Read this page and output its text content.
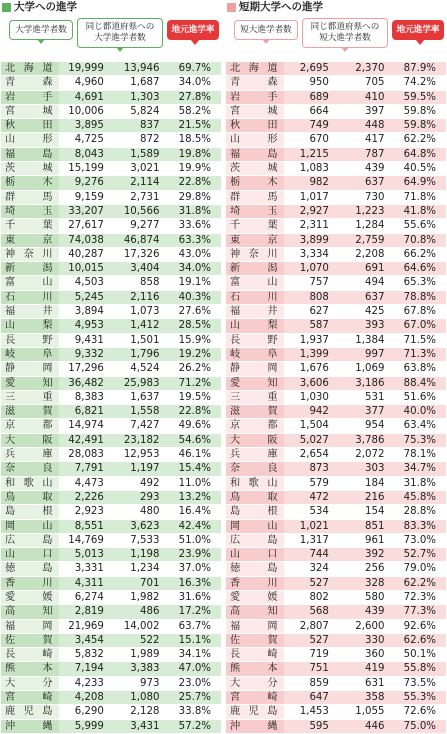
大学への進学
大学進学者数	同じ都道府県への
大学進学者数
地元進学率
北海道	19,999	13,946	69.7%
青森	4,960	1,687	34.0%
岩手	4,691	1,303	27.8%
宮城	10,006	5,824	58.2%
秋田	3,895	837	21.5%
山形	4,725	872	18.5%
福島	8,043	1,589	19.8%
茨城	15,199	3,021	19.9%
栃木	9,276	2,114	22.8%
群馬	9,159	2,731	29.8%
埼玉	33,207	10,566	31.8%
千葉	27,617	9,277	33.6%
東京	74,038	46,874	63.3%
神奈川	40,287	17,326	43.0%
新潟	10,015	3,404	34.0%
富山	4,503	858	19.1%
石川	5,245	2,116	40.3%
福井	3,894	1,073	27.6%
山梨	4,953	1,412	28.5%
長野	9,431	1,501	15.9%
岐阜	9,332	1,796	19.2%
静岡	17,296	4,524	26.2%
愛知	36,482	25,983	71.2%
三重	8,383	1,637	19.5%
滋賀	6,821	1,558	22.8%
京都	14,974	7,427	49.6%
大阪	42,491	23,182	54.6%
兵庫	28,083	12,953	46.1%
奈良	7,791	1,197	15.4%
和歌山	4,473	492	11.0%
鳥取	2,226	293	13.2%
島根	2,923	480	16.4%
岡山	8,551	3,623	42.4%
広島	14,769	7,533	51.0%
山口	5,013	1,198	23.9%
徳島	3,331	1,234	37.0%
香川	4,311	701	16.3%
愛媛	6,274	1,982	31.6%
高知	2,819	486	17.2%
福岡	21,969	14,002	63.7%
佐賀	3,454	522	15.1%
長崎	5,832	1,989	34.1%
熊本	7,194	3,383	47.0%
大分	4,233	973	23.0%
宮崎	4,208	1,080	25.7%
鹿児島	6,290	2,128	33.8%
沖縄	5,999	3,431	57.2%
短期大学への進学
短大進学者数	同じ都道府県への
短大進学者数
地元進学率
北海道	2,695	2,370	87.9%
青森	950	705	74.2%
岩手	689	410	59.5%
宮城	664	397	59.8%
秋田	749	448	59.8%
山形	670	417	62.2%
福島	1,215	787	64.8%
茨城	1,083	439	40.5%
栃木	982	637	64.9%
群馬	1,017	730	71.8%
埼玉	2,927	1,223	41.8%
千葉	2,311	1,284	55.6%
東京	3,899	2,759	70.8%
神奈川	3,334	2,208	66.2%
新潟	1,070	691	64.6%
富山	757	494	65.3%
石川	808	637	78.8%
福井	627	425	67.8%
山梨	587	393	67.0%
長野	1,937	1,384	71.5%
岐阜	1,399	997	71.3%
静岡	1,676	1,069	63.8%
愛知	3,606	3,186	88.4%
三重	1,030	531	51.6%
滋賀	942	377	40.0%
京都	1,504	954	63.4%
大阪	5,027	3,786	75.3%
兵庫	2,654	2,072	78.1%
奈良	873	303	34.7%
和歌山	579	184	31.8%
鳥取	472	216	45.8%
島根	534	154	28.8%
岡山	1,021	851	83.3%
広島	1,317	961	73.0%
山口	744	392	52.7%
徳島	324	256	79.0%
香川	527	328	62.2%
愛媛	802	580	72.3%
高知	568	439	77.3%
福岡	2,807	2,600	92.6%
佐賀	527	330	62.6%
長崎	719	360	50.1%
熊本	751	419	55.8%
大分	859	631	73.5%
宮崎	647	358	55.3%
鹿児島	1,453	1,055	72.6%
沖縄	595	446	75.0%
